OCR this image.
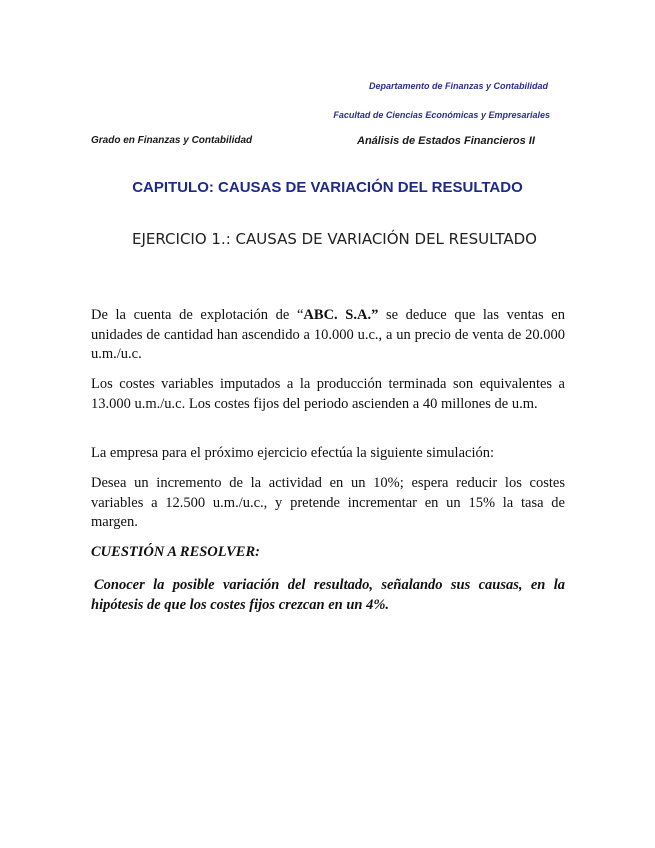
Departamento de Finanzas y Contabilidad
Facultad de Ciencias Económicas y Empresariales
Grado en Finanzas y Contabilidad	Análisis de Estados Financieros II
CAPITULO: CAUSAS DE VARIACIÓN DEL RESULTADO
EJERCICIO 1.: CAUSAS DE VARIACIÓN DEL RESULTADO
De la cuenta de explotación de “ABC. S.A.” se deduce que las ventas en unidades de cantidad han ascendido a 10.000 u.c., a un precio de venta de 20.000 u.m./u.c.
Los costes variables imputados a la producción terminada son equivalentes a 13.000 u.m./u.c. Los costes fijos del periodo ascienden a 40 millones de u.m.
La empresa para el próximo ejercicio efectúa la siguiente simulación:
Desea un incremento de la actividad en un 10%; espera reducir los costes variables a 12.500 u.m./u.c., y pretende incrementar en un 15% la tasa de margen.
CUESTIÓN A RESOLVER:
Conocer la posible variación del resultado, señalando sus causas, en la hipótesis de que los costes fijos crezcan en un 4%.
